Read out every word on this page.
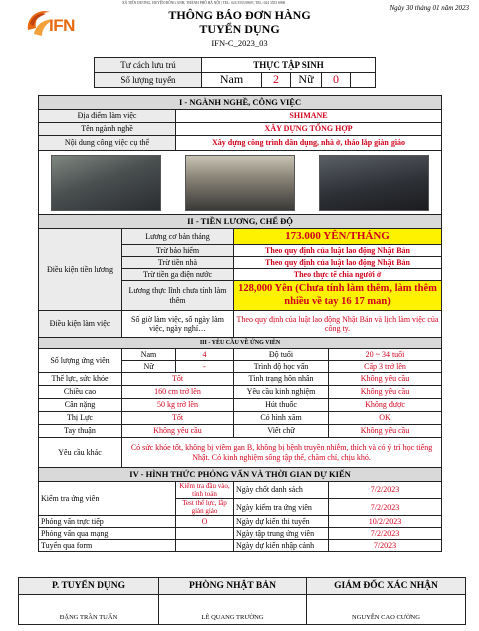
IFN
XÃ TIẾN DƯƠNG, HUYỆN ĐÔNG ANH, THÀNH PHỐ HÀ NỘI | TEL: 024 3553 6969 | TEL: 024 3553 6968
Ngày 30 tháng 01 năm 2023
THÔNG BÁO ĐƠN HÀNG
TUYỂN DỤNG
IFN-C_2023_03
Tư cách lưu trú	THỰC TẬP SINH				
Số lượng tuyển	Nam	2	Nữ	0	
I - NGÀNH NGHỀ, CÔNG VIỆC				
Địa điểm làm việc		SHIMANE		
Tên ngành nghề		XÂY DỰNG TỔNG HỢP		
Nội dung công việc cụ thể		Xây dựng công trình dân dụng, nhà ở, tháo lắp giàn giáo		

II - TIỀN LƯƠNG, CHẾ ĐỘ				
Điều kiện tiền lương	Lương cơ bản tháng		173.000 YÊN/THÁNG	
	Trừ bảo hiểm		Theo quy định của luật lao động Nhật Bản	
	Trừ tiền nhà		Theo quy định của luật lao động Nhật Bản	
	Trừ tiền ga điện nước		Theo thực tế chia người ở	
	Lương thực lĩnh chưa tính làm thêm		128,000 Yên (Chưa tính làm thêm, làm thêm nhiều về tay 16 17 man)	
Điều kiện làm việc	Số giờ làm việc, số ngày làm việc, ngày nghỉ…		Theo quy định của luật lao động Nhật Bản và lịch làm việc của công ty.	
III - YÊU CẦU VỀ ỨNG VIÊN				
Số lượng ứng viên	Nam	4	Độ tuổi	20 ~ 34 tuổi
	Nữ	-	Trình độ học vấn	Cấp 3 trở lên
Thể lực, sức khỏe	Tốt		Tình trạng hôn nhân	Không yêu cầu
Chiều cao	160 cm trở lên		Yêu cầu kinh nghiệm	Không yêu cầu
Cân nặng	50 kg trở lên		Hút thuốc	Không được
Thị Lực	Tốt		Có hình xăm	OK
Tay thuận	Không yêu cầu		Viết chữ	Không yêu cầu
Yêu cầu khác	Có sức khỏe tốt, không bị viêm gan B, không bị bệnh truyền nhiễm, thích và có ý trí học tiếng Nhật. Có kinh nghiệm sống tập thể, chăm chỉ, chịu khó.			
IV - HÌNH THỨC PHỎNG VẤN VÀ THỜI GIAN DỰ KIẾN				
Kiểm tra ứng viên		Kiểm tra đầu vào, tính toán	Ngày chốt danh sách	7/2/2023
		Test thể lực, lắp giàn giáo	Ngày kiểm tra ứng viên	7/2/2023
Phỏng vấn trực tiếp		O	Ngày dự kiến thi tuyển	10/2/2023
Phỏng vấn qua mạng			Ngày tập trung ứng viên	7/2/2023
Tuyển qua form			Ngày dự kiến nhập cảnh	7/2023
P. TUYỂN DỤNG	PHÒNG NHẬT BẢN	GIÁM ĐỐC XÁC NHẬN
ĐẶNG TRẦN TUẤN	LÊ QUANG TRƯỜNG	NGUYỄN CAO CƯỜNG
